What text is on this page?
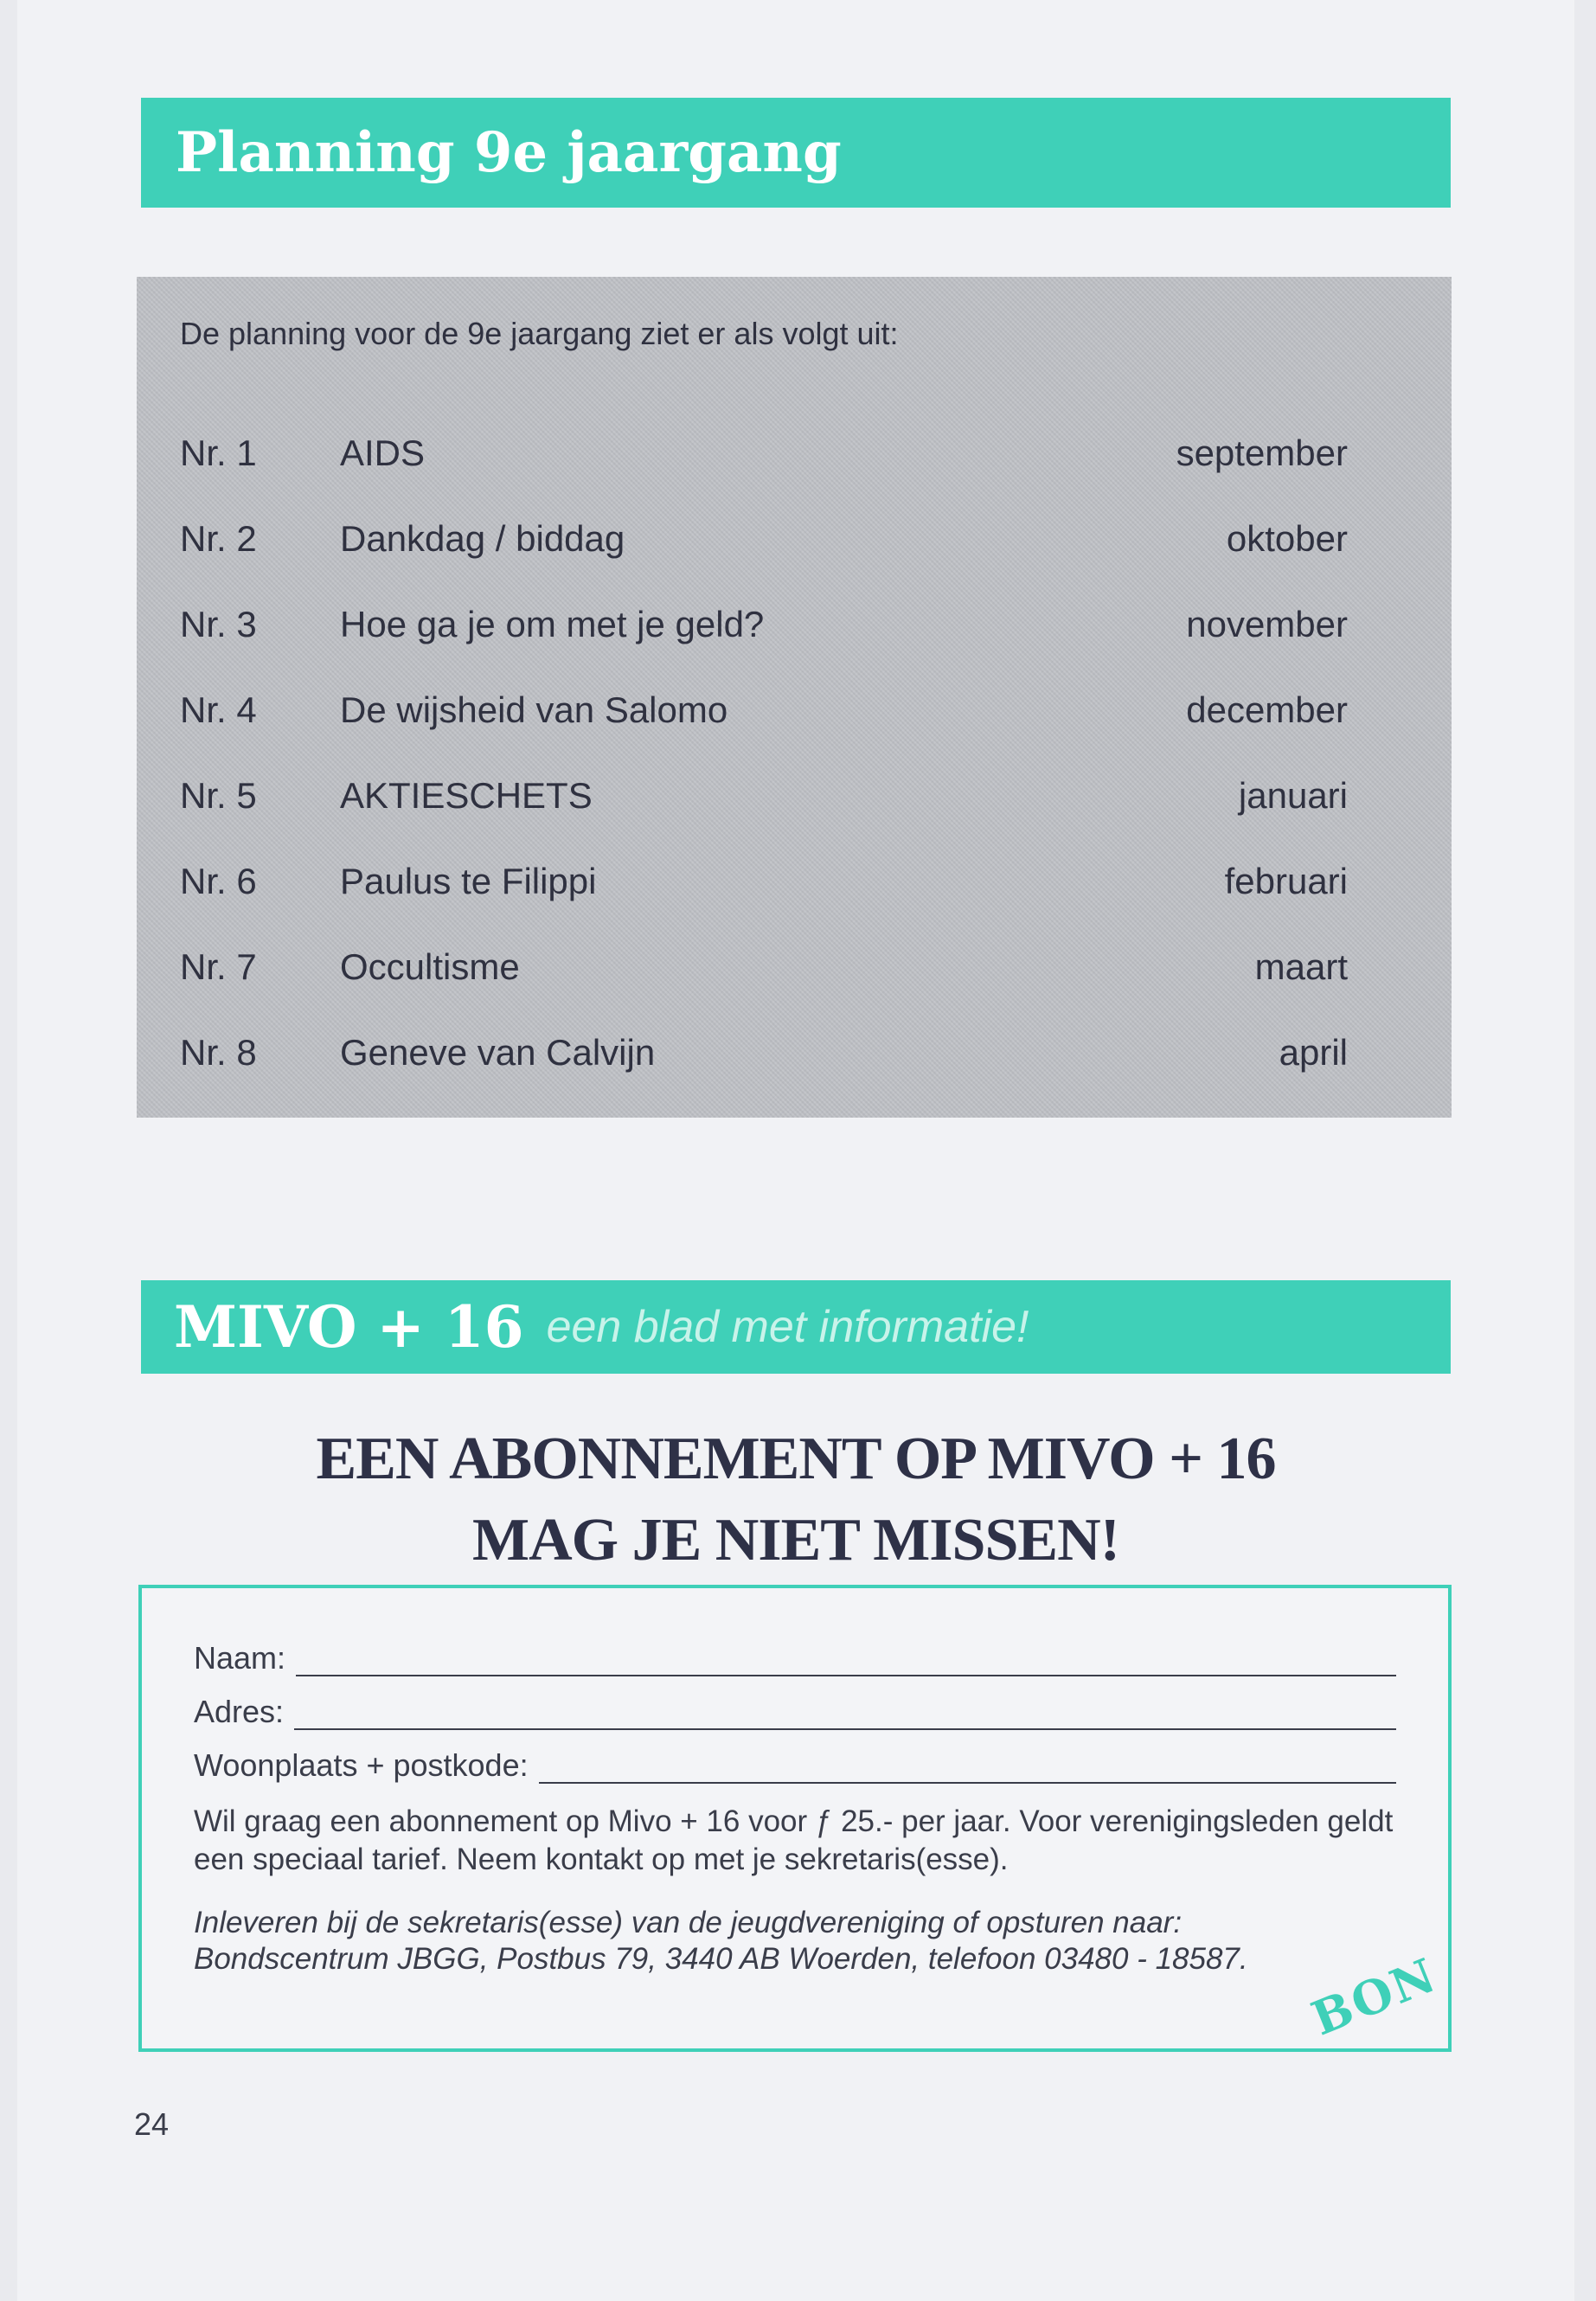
Planning 9e jaargang
De planning voor de 9e jaargang ziet er als volgt uit:
Nr. 1 AIDS	september
Nr. 2 Dankdag / biddag	oktober
Nr. 3 Hoe ga je om met je geld?	november
Nr. 4 De wijsheid van Salomo	december
Nr. 5 AKTIESCHETS	januari
Nr. 6 Paulus te Filippi	februari
Nr. 7 Occultisme	maart
Nr. 8 Geneve van Calvijn	april
MIVO + 16 een blad met informatie!
EEN ABONNEMENT OP MIVO + 16
MAG JE NIET MISSEN!
Naam:
Adres:
Woonplaats + postkode:
Wil graag een abonnement op Mivo + 16 voor ƒ 25.- per jaar. Voor verenigingsleden geldt een speciaal tarief. Neem kontakt op met je sekretaris(esse).
Inleveren bij de sekretaris(esse) van de jeugdvereniging of opsturen naar: Bondscentrum JBGG, Postbus 79, 3440 AB Woerden, telefoon 03480 - 18587.	BON
24
